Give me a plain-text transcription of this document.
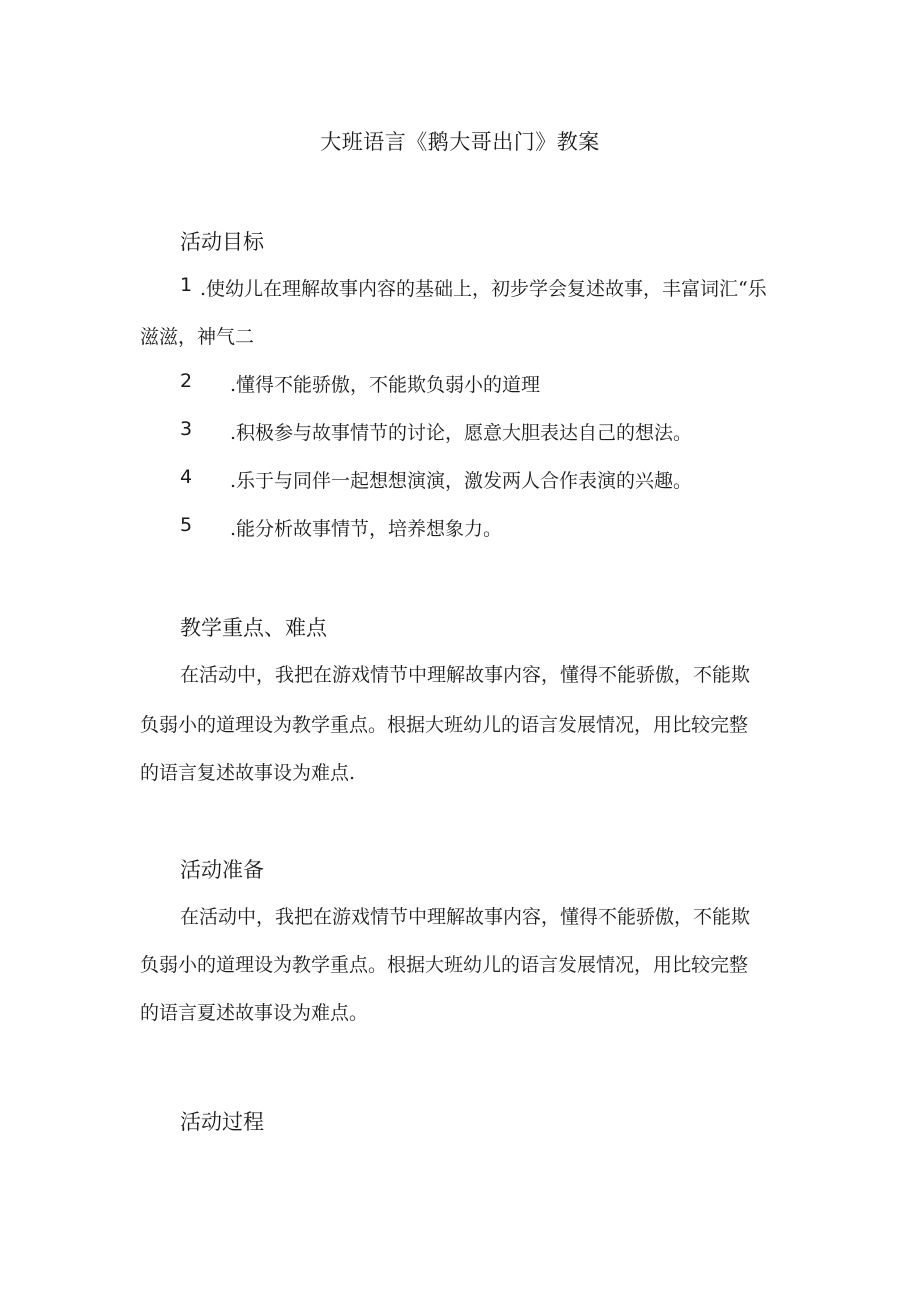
大班语言《鹅大哥出门》教案
活动目标
1 .使幼儿在理解故事内容的基础上，初步学会复述故事，丰富词汇“乐
滋滋，神气二
2 .懂得不能骄傲，不能欺负弱小的道理
3 .积极参与故事情节的讨论，愿意大胆表达自己的想法。
4 .乐于与同伴一起想想演演，激发两人合作表演的兴趣。
5 .能分析故事情节，培养想象力。
教学重点、难点
在活动中，我把在游戏情节中理解故事内容，懂得不能骄傲，不能欺
负弱小的道理设为教学重点。根据大班幼儿的语言发展情况，用比较完整
的语言复述故事设为难点.
活动准备
在活动中，我把在游戏情节中理解故事内容，懂得不能骄傲，不能欺
负弱小的道理设为教学重点。根据大班幼儿的语言发展情况，用比较完整
的语言夏述故事设为难点。
活动过程
